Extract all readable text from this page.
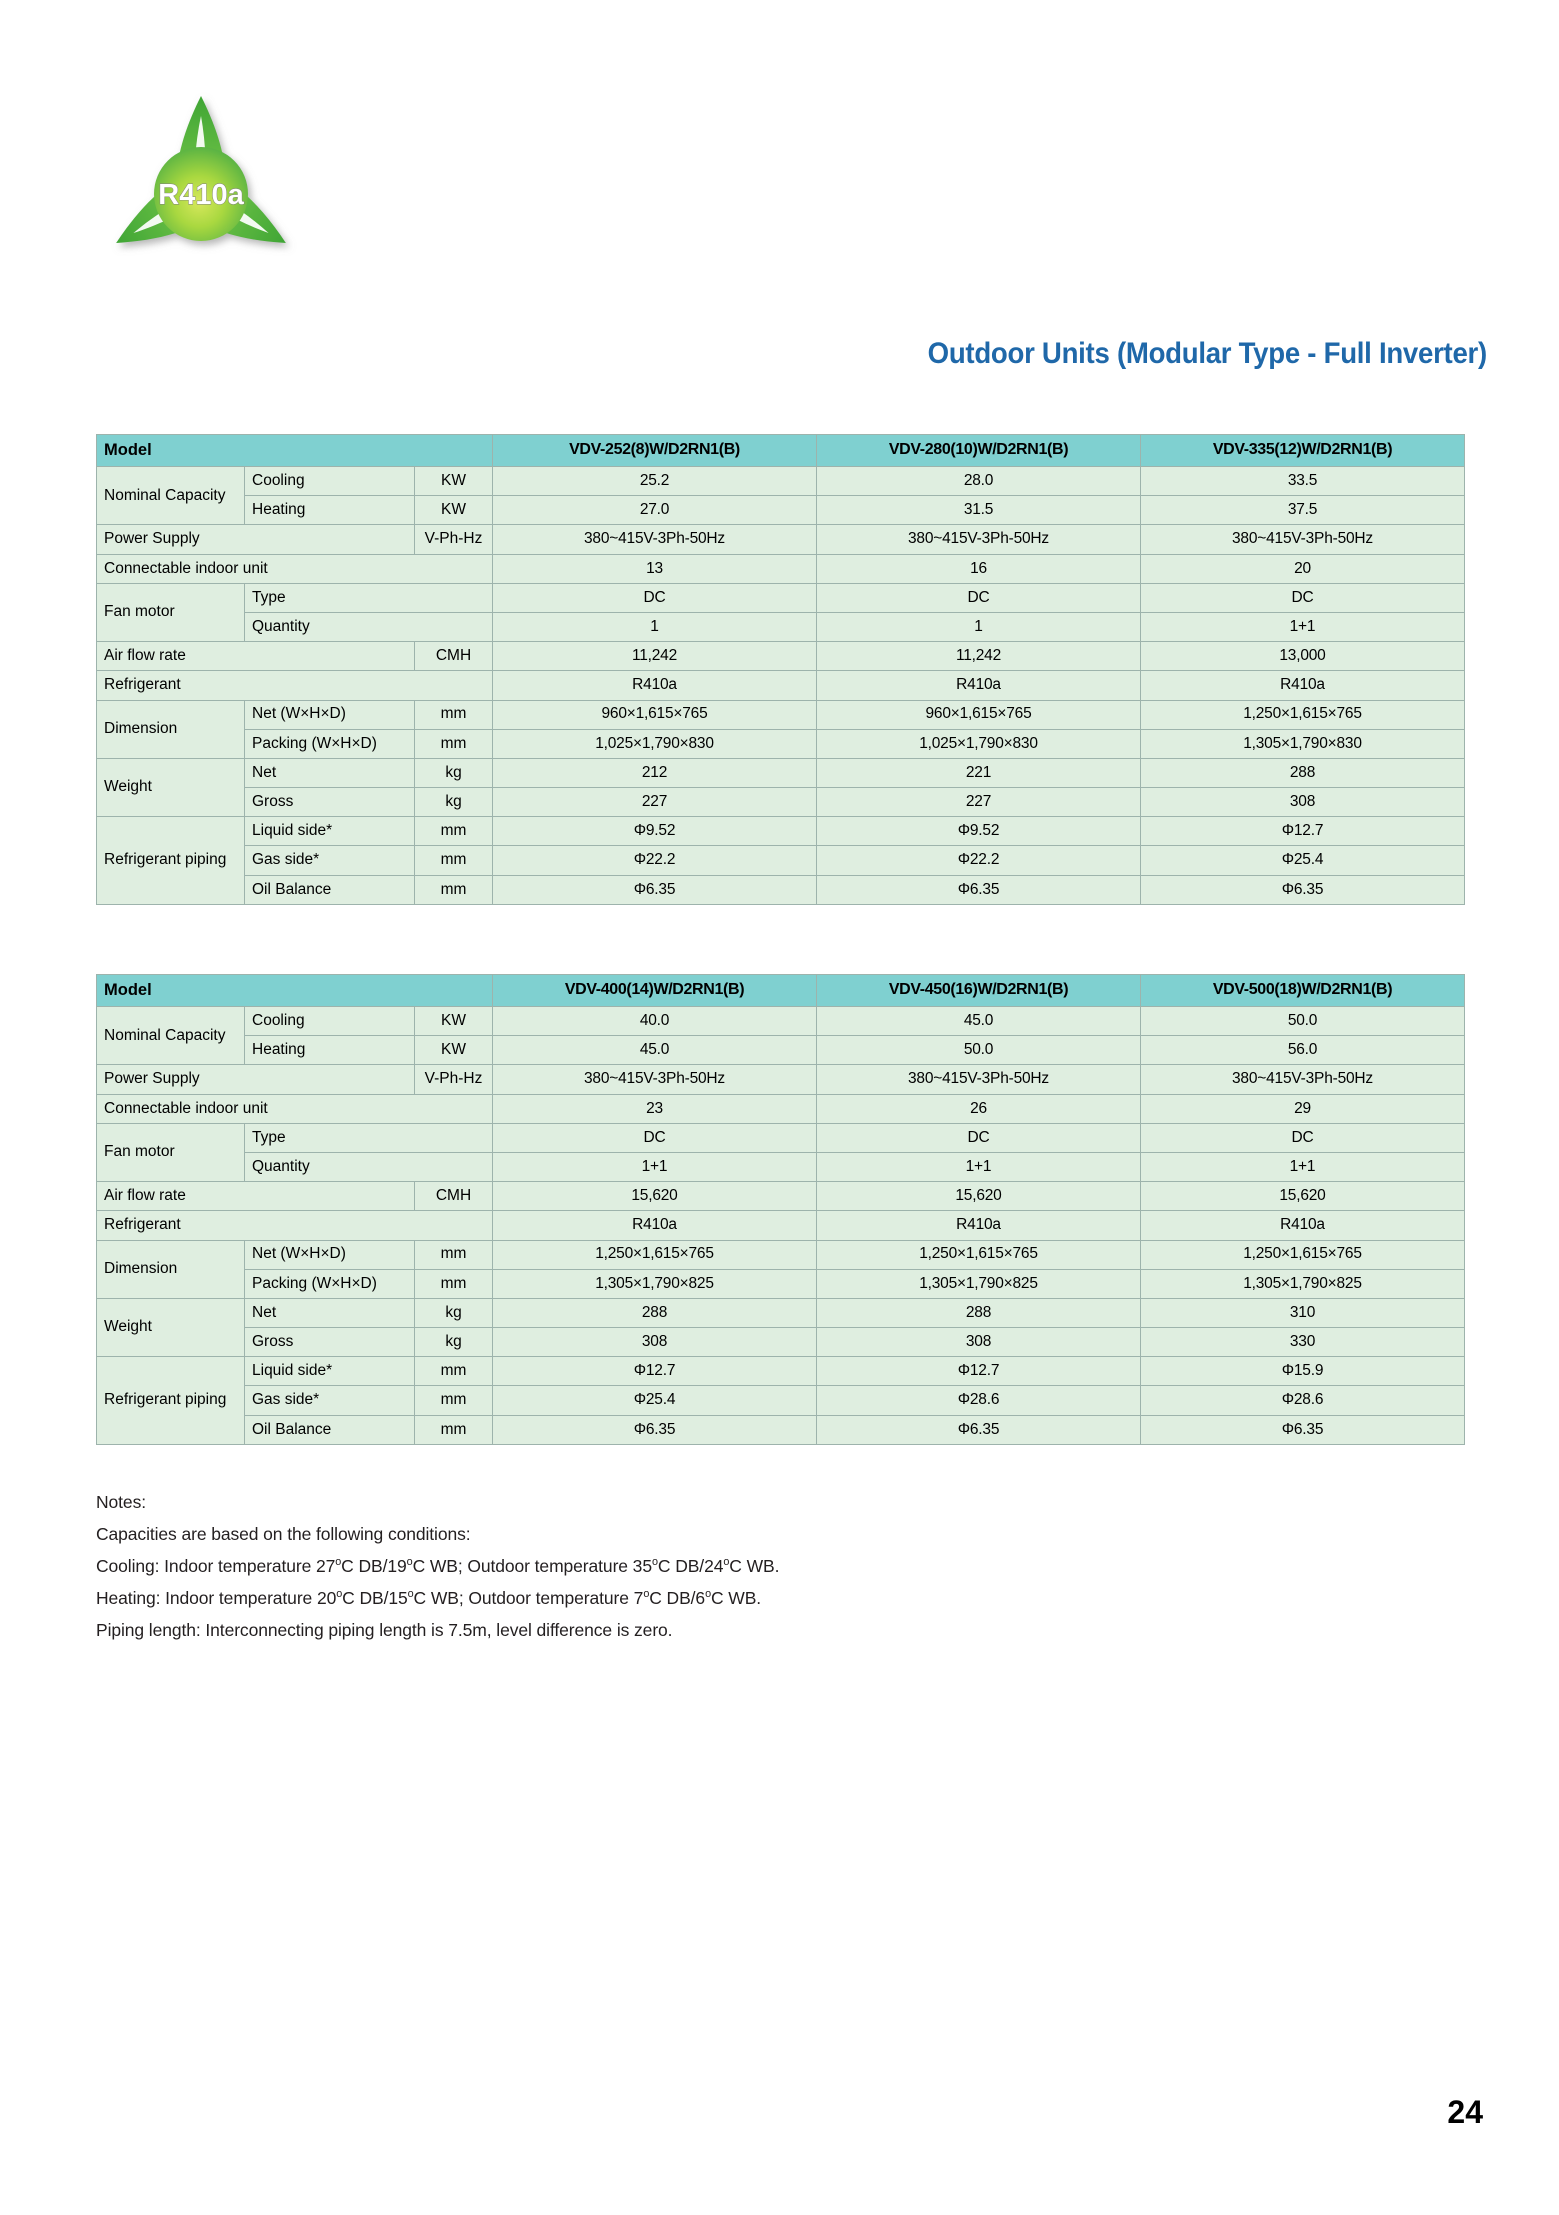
R410a
Outdoor Units (Modular Type - Full Inverter)
Model			VDV-252(8)W/D2RN1(B)	VDV-280(10)W/D2RN1(B)	VDV-335(12)W/D2RN1(B)
Nominal Capacity	Cooling	KW	25.2	28.0	33.5
	Heating	KW	27.0	31.5	37.5
Power Supply		V-Ph-Hz	380~415V-3Ph-50Hz	380~415V-3Ph-50Hz	380~415V-3Ph-50Hz
Connectable indoor unit			13	16	20
Fan motor	Type		DC	DC	DC
	Quantity		1	1	1+1
Air flow rate		CMH	11,242	11,242	13,000
Refrigerant			R410a	R410a	R410a
Dimension	Net (W×H×D)	mm	960×1,615×765	960×1,615×765	1,250×1,615×765
	Packing (W×H×D)	mm	1,025×1,790×830	1,025×1,790×830	1,305×1,790×830
Weight	Net	kg	212	221	288
	Gross	kg	227	227	308
Refrigerant piping	Liquid side*	mm	Φ9.52	Φ9.52	Φ12.7
	Gas side*	mm	Φ22.2	Φ22.2	Φ25.4
	Oil Balance	mm	Φ6.35	Φ6.35	Φ6.35
Model			VDV-400(14)W/D2RN1(B)	VDV-450(16)W/D2RN1(B)	VDV-500(18)W/D2RN1(B)
Nominal Capacity	Cooling	KW	40.0	45.0	50.0
	Heating	KW	45.0	50.0	56.0
Power Supply		V-Ph-Hz	380~415V-3Ph-50Hz	380~415V-3Ph-50Hz	380~415V-3Ph-50Hz
Connectable indoor unit			23	26	29
Fan motor	Type		DC	DC	DC
	Quantity		1+1	1+1	1+1
Air flow rate		CMH	15,620	15,620	15,620
Refrigerant			R410a	R410a	R410a
Dimension	Net (W×H×D)	mm	1,250×1,615×765	1,250×1,615×765	1,250×1,615×765
	Packing (W×H×D)	mm	1,305×1,790×825	1,305×1,790×825	1,305×1,790×825
Weight	Net	kg	288	288	310
	Gross	kg	308	308	330
Refrigerant piping	Liquid side*	mm	Φ12.7	Φ12.7	Φ15.9
	Gas side*	mm	Φ25.4	Φ28.6	Φ28.6
	Oil Balance	mm	Φ6.35	Φ6.35	Φ6.35
Notes:
Capacities are based on the following conditions:
Cooling: Indoor temperature 27$^o$C DB/19$^o$C WB; Outdoor temperature 35$^o$C DB/24$^o$C WB.
Heating: Indoor temperature 20$^o$C DB/15$^o$C WB; Outdoor temperature 7$^o$C DB/6$^o$C WB.
Piping length: Interconnecting piping length is 7.5m, level difference is zero.
24
